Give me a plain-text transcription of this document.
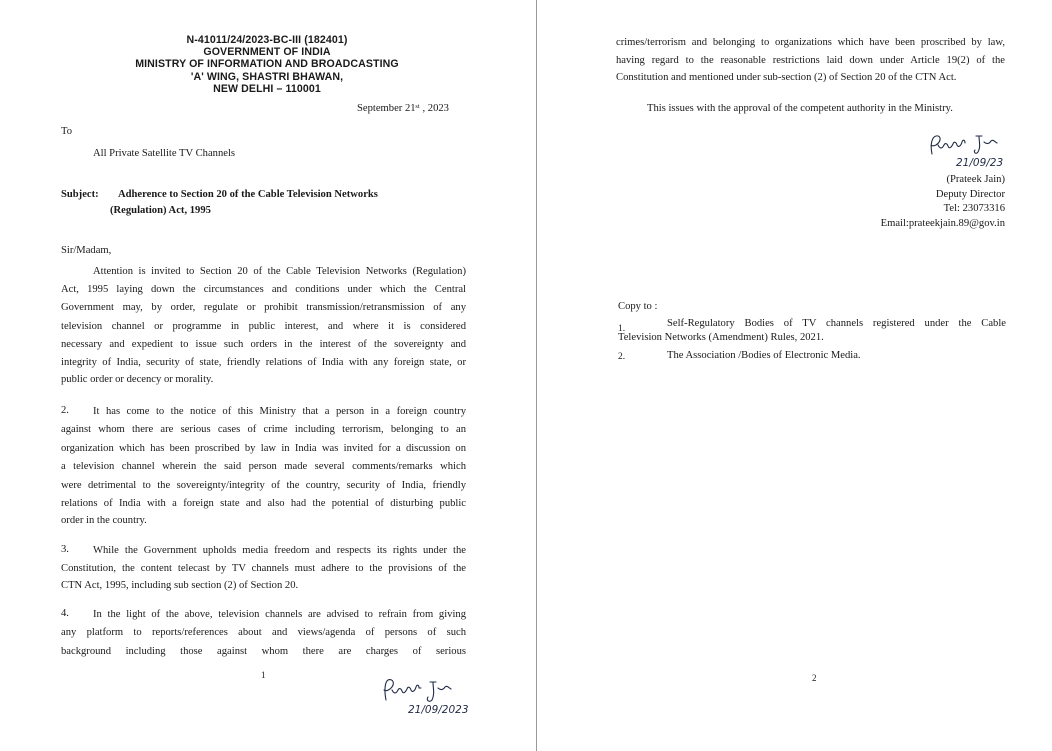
N-41011/24/2023-BC-III (182401)

GOVERNMENT OF INDIA

MINISTRY OF INFORMATION AND BROADCASTING

'A' WING, SHASTRI BHAWAN,

NEW DELHI – 110001

September 21ˢᵗ , 2023

To

All Private Satellite TV Channels

Subject: Adherence to Section 20 of the Cable Television Networks

(Regulation) Act, 1995

Sir/Madam,

Attention is invited to Section 20 of the Cable Television Networks (Regulation)

Act, 1995 laying down the circumstances and conditions under which the Central

Government may, by order, regulate or prohibit transmission/retransmission of any

television channel or programme in public interest, and where it is considered

necessary and expedient to issue such orders in the interest of the sovereignty and

integrity of India, security of state, friendly relations of India with any foreign state, or

public order or decency or morality.

2. It has come to the notice of this Ministry that a person in a foreign country

against whom there are serious cases of crime including terrorism, belonging to an

organization which has been proscribed by law in India was invited for a discussion on

a television channel wherein the said person made several comments/remarks which

were detrimental to the sovereignty/integrity of the country, security of India, friendly

relations of India with a foreign state and also had the potential of disturbing public

order in the country.

3. While the Government upholds media freedom and respects its rights under the

Constitution, the content telecast by TV channels must adhere to the provisions of the

CTN Act, 1995, including sub section (2) of Section 20.

4. In the light of the above, television channels are advised to refrain from giving

any platform to reports/references about and views/agenda of persons of such

background including those against whom there are charges of serious

1

21/09/2023

crimes/terrorism and belonging to organizations which have been proscribed by law,

having regard to the reasonable restrictions laid down under Article 19(2) of the

Constitution and mentioned under sub-section (2) of Section 20 of the CTN Act.

This issues with the approval of the competent authority in the Ministry.

21/09/23

(Prateek Jain)

Deputy Director

Tel: 23073316

Email:prateekjain.89@gov.in

Copy to :

1.	Self-Regulatory Bodies of TV channels registered under the Cable

Television Networks (Amendment) Rules, 2021.

2.	The Association /Bodies of Electronic Media.

2
